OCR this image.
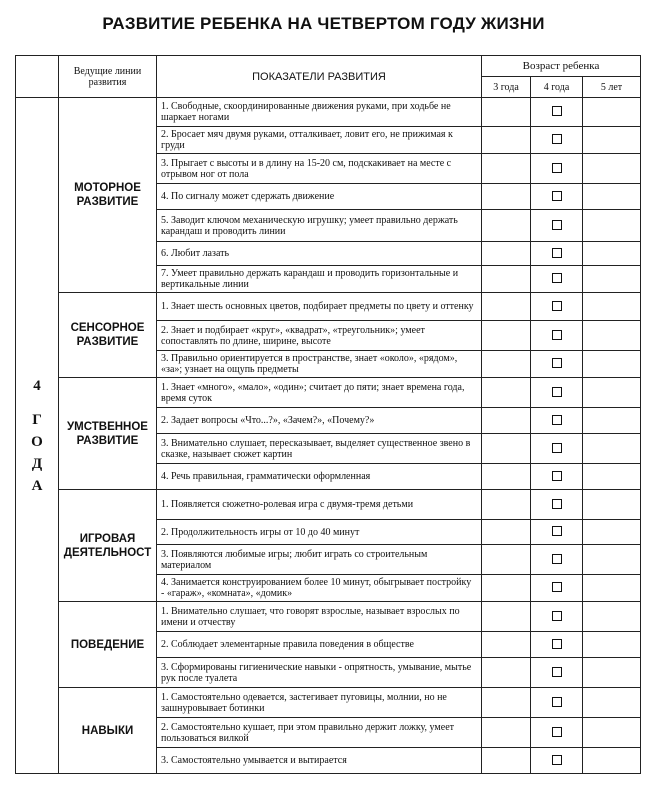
РАЗВИТИЕ РЕБЕНКА НА ЧЕТВЕРТОМ ГОДУ ЖИЗНИ
	Ведущие линии развития	ПОКАЗАТЕЛИ РАЗВИТИЯ	Возраст ребенка		
			3 года	4 года	5 лет

4
Г
О
Д
А	МОТОРНОЕ РАЗВИТИЕ	1. Свободные, скоординированные движения руками, при ходьбе не шаркает ногами			
		2. Бросает мяч двумя руками, отталкивает, ловит его, не прижимая к груди			
		3. Прыгает с высоты и в длину на 15-20 см, подскакивает на месте с отрывом ног от пола			
		4. По сигналу может сдержать движение			
		5. Заводит ключом механическую игрушку; умеет правильно держать карандаш и проводить линии			
		6. Любит лазать			
		7. Умеет правильно держать карандаш и проводить горизонтальные и вертикальные линии			
	СЕНСОРНОЕ РАЗВИТИЕ	1. Знает шесть основных цветов, подбирает предметы по цвету и оттенку			
		2. Знает и подбирает «круг», «квадрат», «треугольник»; умеет сопоставлять по длине, ширине, высоте			
		3. Правильно ориентируется в пространстве, знает «около», «рядом», «за»; узнает на ощупь предметы			
	УМСТВЕННОЕ РАЗВИТИЕ	1. Знает «много», «мало», «один»; считает до пяти; знает времена года, время суток			
		2. Задает вопросы «Что...?», «Зачем?», «Почему?»			
		3. Внимательно слушает, пересказывает, выделяет существенное звено в сказке, называет сюжет картин			
		4. Речь правильная, грамматически оформленная			
	ИГРОВАЯ ДЕЯТЕЛЬНОСТ	1. Появляется сюжетно-ролевая игра с двумя-тремя детьми			
		2. Продолжительность игры от 10 до 40 минут			
		3. Появляются любимые игры; любит играть со строительным материалом			
		4. Занимается конструированием более 10 минут, обыгрывает постройку - «гараж», «комната», «домик»			
	ПОВЕДЕНИЕ	1. Внимательно слушает, что говорят взрослые, называет взрослых по имени и отчеству			
		2. Соблюдает элементарные правила поведения в обществе			
		3. Сформированы гигиенические навыки - опрятность, умывание, мытье рук после туалета			
	НАВЫКИ	1. Самостоятельно одевается, застегивает пуговицы, молнии, но не зашнуровывает ботинки			
		2. Самостоятельно кушает, при этом правильно держит ложку, умеет пользоваться вилкой			
		3. Самостоятельно умывается и вытирается			
